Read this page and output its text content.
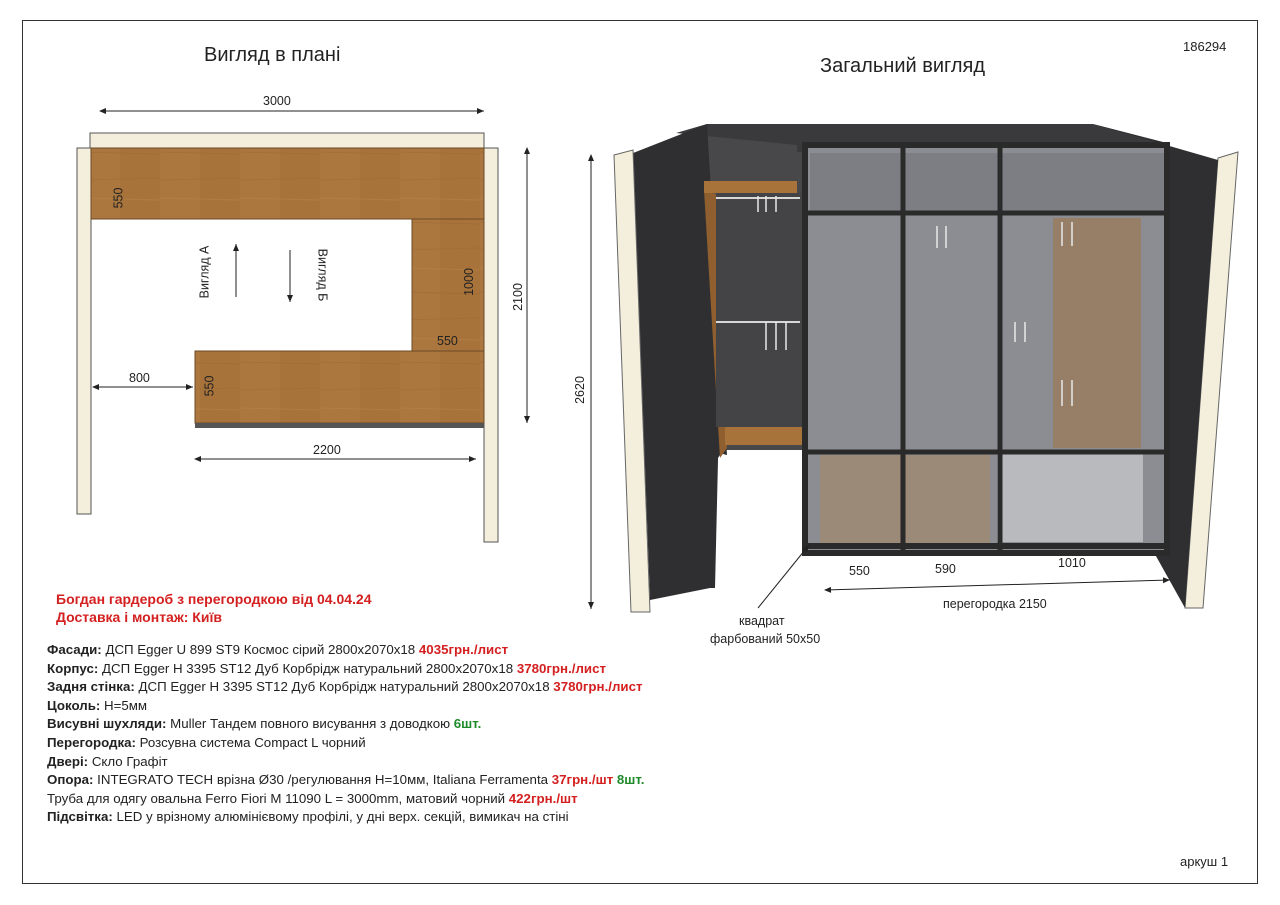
Вигляд в плані	Загальний вигляд
186294
3000
550
2100
1000
550
800	550
2200
Вигляд А	Вигляд Б
2620
550	590	1010
перегородка 2150
квадрат
фарбований 50х50
Богдан гардероб з перегородкою від 04.04.24
Доставка і монтаж: Київ
Фасади: ДСП Egger U 899 ST9 Космос сірий 2800х2070х18 4035грн./лист
Корпус: ДСП Egger H 3395 ST12 Дуб Корбрідж натуральний 2800х2070х18 3780грн./лист
Задня стінка: ДСП Egger H 3395 ST12 Дуб Корбрідж натуральний 2800х2070х18 3780грн./лист
Цоколь: H=5мм
Висувні шухляди: Muller Тандем повного висування з доводкою 6шт.
Перегородка: Розсувна система Compact L чорний
Двері: Скло Графіт
Опора: INTEGRATO TECH врізна Ø30 /регулювання H=10мм, Italiana Ferramenta 37грн./шт 8шт.
Труба для одягу овальна Ferro Fiori M 11090 L = 3000mm, матовий чорний 422грн./шт
Підсвітка: LED у врізному алюмінієвому профілі, у дні верх. секцій, вимикач на стіні
аркуш 1
